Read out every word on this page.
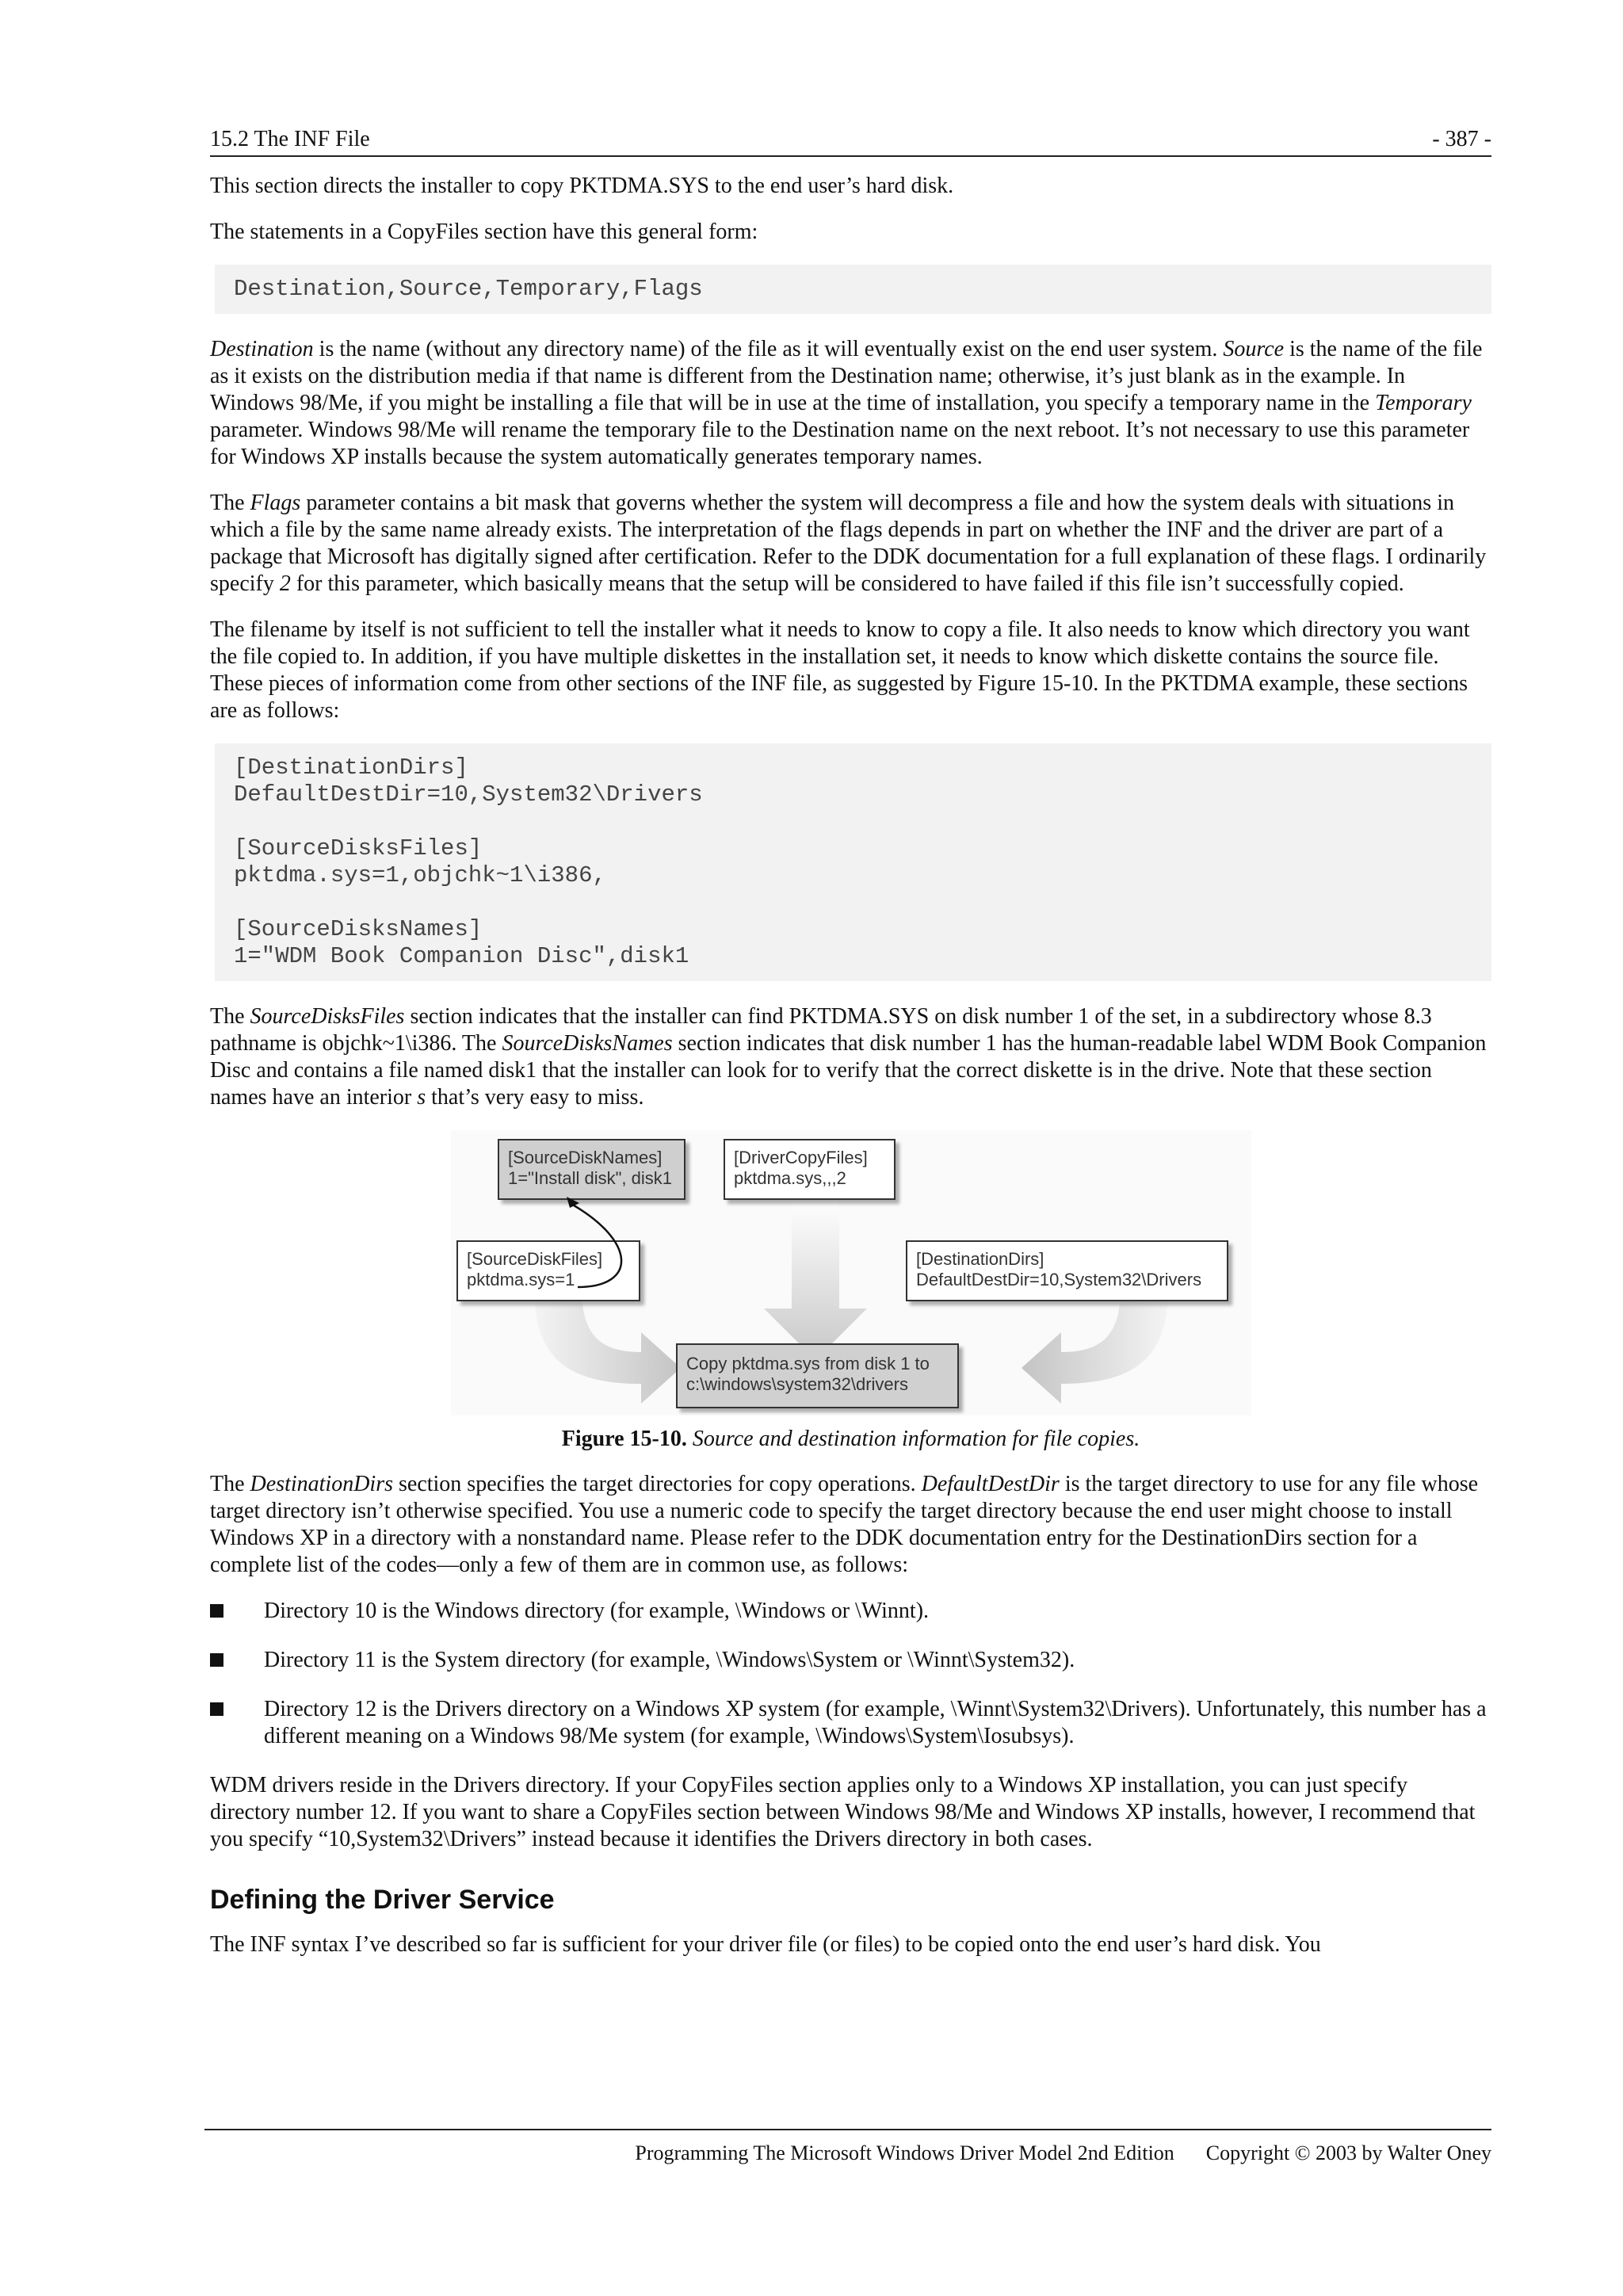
15.2 The INF File	- 387 -

This section directs the installer to copy PKTDMA.SYS to the end user’s hard disk.

The statements in a CopyFiles section have this general form:

Destination,Source,Temporary,Flags

Destination is the name (without any directory name) of the file as it will eventually exist on the end user system. Source is the name of the file as it exists on the distribution media if that name is different from the Destination name; otherwise, it’s just blank as in the example. In Windows 98/Me, if you might be installing a file that will be in use at the time of installation, you specify a temporary name in the Temporary parameter. Windows 98/Me will rename the temporary file to the Destination name on the next reboot. It’s not necessary to use this parameter for Windows XP installs because the system automatically generates temporary names.

The Flags parameter contains a bit mask that governs whether the system will decompress a file and how the system deals with situations in which a file by the same name already exists. The interpretation of the flags depends in part on whether the INF and the driver are part of a package that Microsoft has digitally signed after certification. Refer to the DDK documentation for a full explanation of these flags. I ordinarily specify 2 for this parameter, which basically means that the setup will be considered to have failed if this file isn’t successfully copied.

The filename by itself is not sufficient to tell the installer what it needs to know to copy a file. It also needs to know which directory you want the file copied to. In addition, if you have multiple diskettes in the installation set, it needs to know which diskette contains the source file. These pieces of information come from other sections of the INF file, as suggested by Figure 15-10. In the PKTDMA example, these sections are as follows:

[DestinationDirs]
DefaultDestDir=10,System32\Drivers
[SourceDisksFiles]
pktdma.sys=1,objchk~1\i386,
[SourceDisksNames]
1="WDM Book Companion Disc",disk1

The SourceDisksFiles section indicates that the installer can find PKTDMA.SYS on disk number 1 of the set, in a subdirectory whose 8.3 pathname is objchk~1\i386. The SourceDisksNames section indicates that disk number 1 has the human-readable label WDM Book Companion Disc and contains a file named disk1 that the installer can look for to verify that the correct diskette is in the drive. Note that these section names have an interior s that’s very easy to miss.

[SourceDiskNames]
1="Install disk", disk1
[DriverCopyFiles]
pktdma.sys,,,2
[SourceDiskFiles]
pktdma.sys=1
[DestinationDirs]
DefaultDestDir=10,System32\Drivers
Copy pktdma.sys from disk 1 to
c:\windows\system32\drivers
Figure 15-10. Source and destination information for file copies.

The DestinationDirs section specifies the target directories for copy operations. DefaultDestDir is the target directory to use for any file whose target directory isn’t otherwise specified. You use a numeric code to specify the target directory because the end user might choose to install Windows XP in a directory with a nonstandard name. Please refer to the DDK documentation entry for the DestinationDirs section for a complete list of the codes—only a few of them are in common use, as follows:

Directory 10 is the Windows directory (for example, \Windows or \Winnt).
Directory 11 is the System directory (for example, \Windows\System or \Winnt\System32).
Directory 12 is the Drivers directory on a Windows XP system (for example, \Winnt\System32\Drivers). Unfortunately, this number has a different meaning on a Windows 98/Me system (for example, \Windows\System\Iosubsys).

WDM drivers reside in the Drivers directory. If your CopyFiles section applies only to a Windows XP installation, you can just specify directory number 12. If you want to share a CopyFiles section between Windows 98/Me and Windows XP installs, however, I recommend that you specify “10,System32\Drivers” instead because it identifies the Drivers directory in both cases.

Defining the Driver Service

The INF syntax I’ve described so far is sufficient for your driver file (or files) to be copied onto the end user’s hard disk. You

Programming The Microsoft Windows Driver Model 2nd Edition Copyright © 2003 by Walter Oney
